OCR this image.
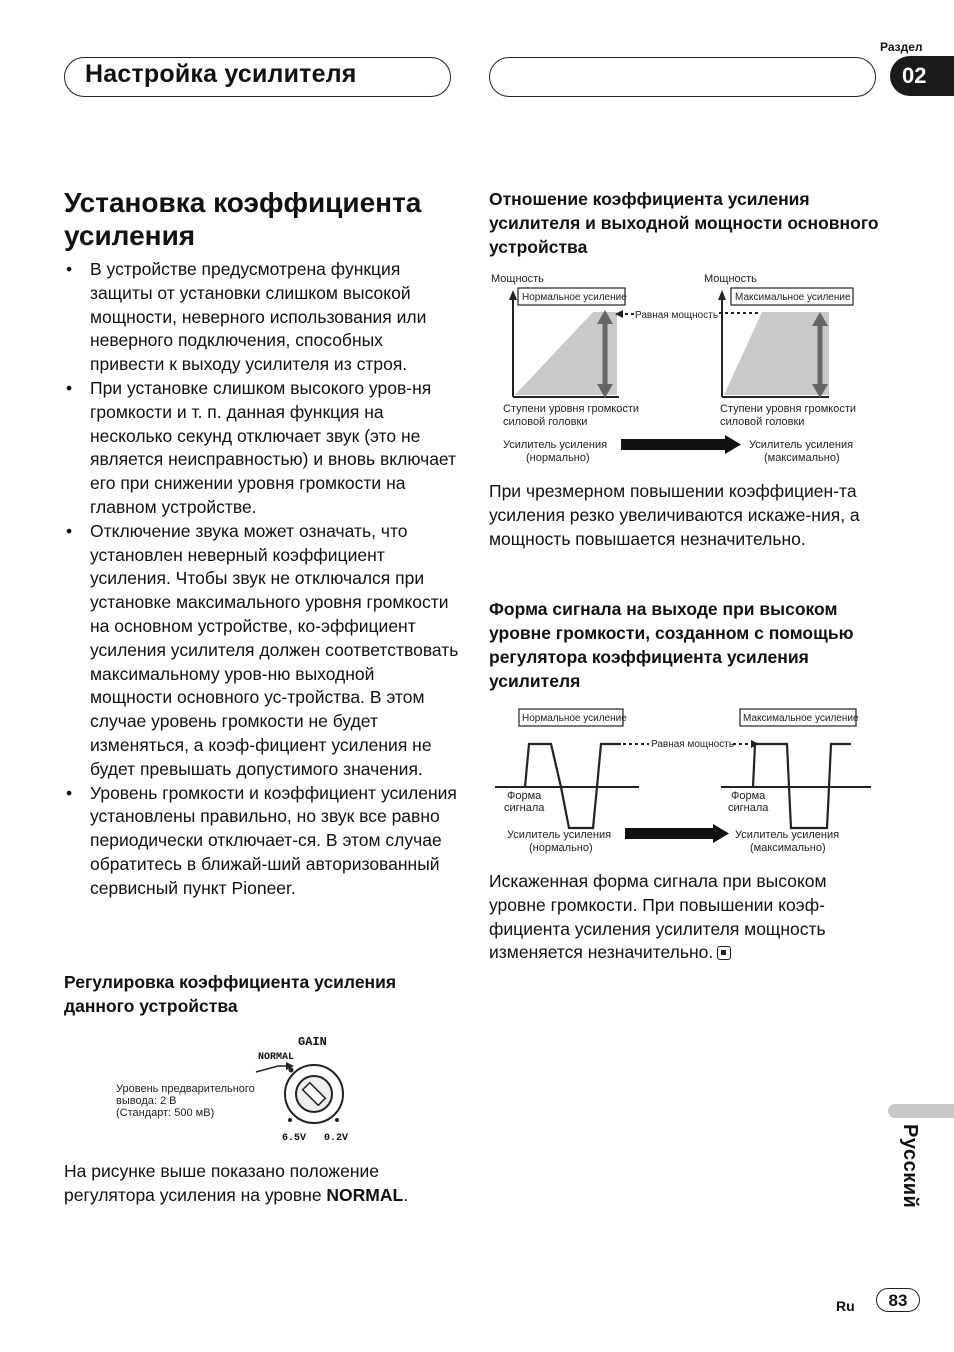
Настройка усилителя
Раздел
02
Установка коэффициента усиления
• В устройстве предусмотрена функция защиты от установки слишком высокой мощности, неверного использования или неверного подключения, способных привести к выходу усилителя из строя.
• При установке слишком высокого уров-ня громкости и т. п. данная функция на несколько секунд отключает звук (это не является неисправностью) и вновь включает его при снижении уровня громкости на главном устройстве.
• Отключение звука может означать, что установлен неверный коэффициент усиления. Чтобы звук не отключался при установке максимального уровня громкости на основном устройстве, ко-эффициент усиления усилителя должен соответствовать максимальному уров-ню выходной мощности основного ус-тройства. В этом случае уровень громкости не будет изменяться, а коэф-фициент усиления не будет превышать допустимого значения.
• Уровень громкости и коэффициент усиления установлены правильно, но звук все равно периодически отключает-ся. В этом случае обратитесь в ближай-ший авторизованный сервисный пункт Pioneer.
Регулировка коэффициента усиления данного устройства
GAIN
NORMAL
6.5V 0.2V
Уровень предварительного
вывода: 2 В
(Стандарт: 500 мВ)
На рисунке выше показано положение регулятора усиления на уровне NORMAL.
Отношение коэффициента усиления усилителя и выходной мощности основного устройства
Мощность
Нормальное усиление
Равная мощность
Мощность
Максимальное усиление
Ступени уровня громкости
силовой головки
Ступени уровня громкости
силовой головки
Усилитель усиления
(нормально)
Усилитель усиления
(максимально)
При чрезмерном повышении коэффициен-та усиления резко увеличиваются искаже-ния, а мощность повышается незначительно.
Форма сигнала на выходе при высоком уровне громкости, созданном с помощью регулятора коэффициента усиления усилителя
Нормальное усиление	Максимальное усиление
Равная мощность
Форма
сигнала
Форма
сигнала
Усилитель усиления
(нормально)
Усилитель усиления
(максимально)
Искаженная форма сигнала при высоком уровне громкости. При повышении коэф-фициента усиления усилителя мощность изменяется незначительно.
Русский
Ru	83
